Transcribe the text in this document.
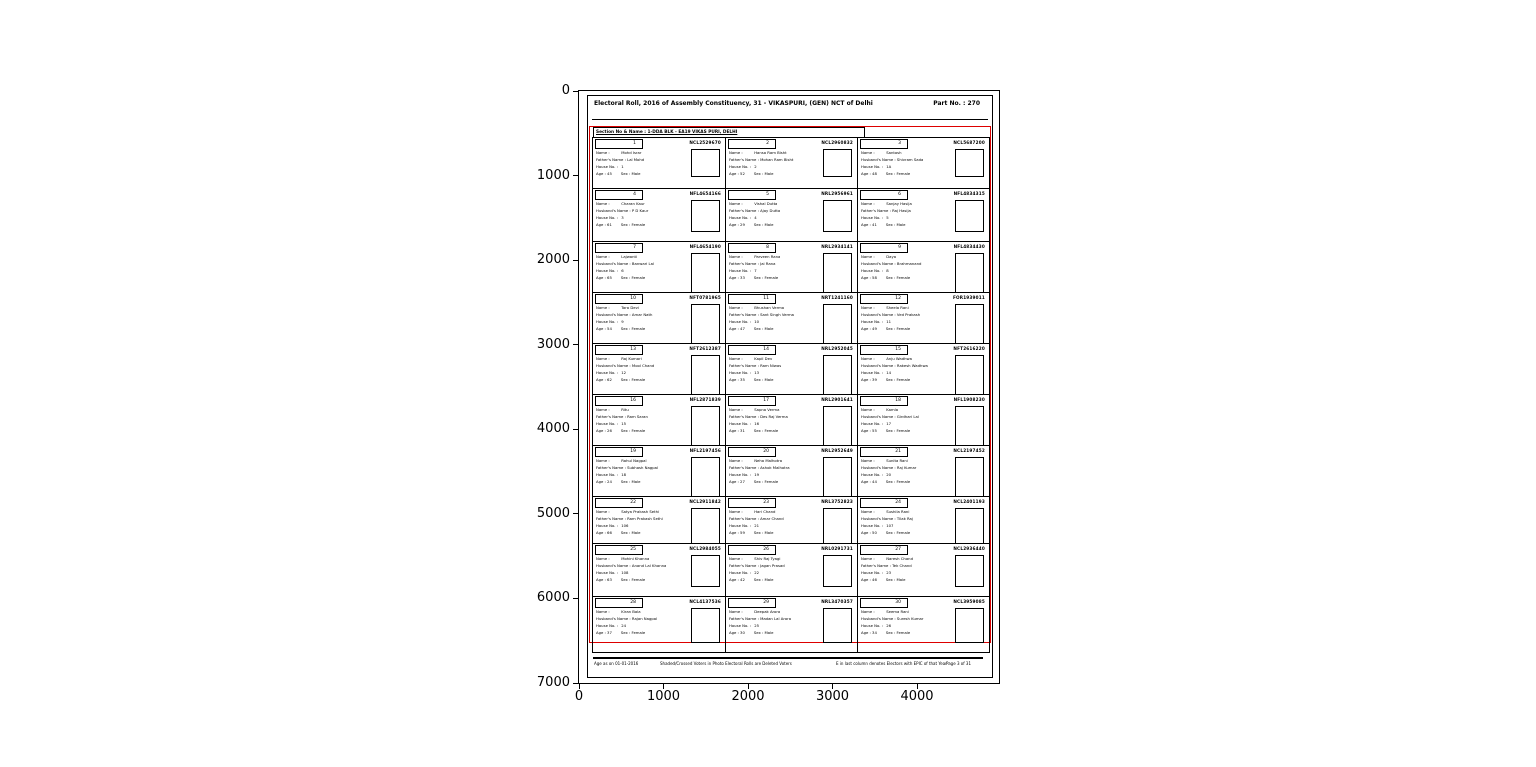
Electoral Roll, 2016 of Assembly Constituency, 31 - VIKASPURI, (GEN) NCT of Delhi	Part No. : 270
Section No & Name : 1-DDA BLK - EA19 VIKAS PURI, DELHI
1	NCL2529670
Name :	Mohd Israr
Father's Name : Lal Mohd
House No. : 1
Age : 45 Sex : Male
2	NCL2960832
Name :	Hansa Ram Bisht
Father's Name : Mohan Ram Bisht
House No. : 2
Age : 52 Sex : Male
3	NCL5687200
Name :	Santosh
Husband's Name : Shivram Sada
House No. : 1A
Age : 48 Sex : Female
4	NFL4654166
Name :	Charan Kaur
Husband's Name : P D Kaur
House No. : 3
Age : 61 Sex : Female
5	NRL2956961
Name :	Vishal Dutta
Father's Name : Ajay Dutta
House No. : 4
Age : 29 Sex : Male
6	NFL4834315
Name :	Sanjay Hasija
Father's Name : Raj Hasija
House No. : 5
Age : 41 Sex : Male
7	NFL4654190
Name :	Lajwanti
Husband's Name : Banwari Lal
House No. : 6
Age : 65 Sex : Female
8	NRL2934141
Name :	Parveen Rana
Father's Name : Jai Rana
House No. : 7
Age : 33 Sex : Female
9	NFL4834430
Name :	Daya
Husband's Name : Brahmanand
House No. : 8
Age : 58 Sex : Female
10	NFT0781965
Name :	Tara Devi
Husband's Name : Amar Nath
House No. : 9
Age : 54 Sex : Female
11	NRT1241160
Name :	Bhushan Verma
Father's Name : Sant Singh Verma
House No. : 10
Age : 47 Sex : Male
12	FOR1939011
Name :	Sheela Rani
Husband's Name : Ved Prakash
House No. : 11
Age : 49 Sex : Female
13	NFT2612387
Name :	Raj Kumari
Husband's Name : Mool Chand
House No. : 12
Age : 62 Sex : Female
14	NRL2952045
Name :	Kapil Dev
Father's Name : Ram Niwas
House No. : 13
Age : 35 Sex : Male
15	NFT2616220
Name :	Anju Wadhwa
Husband's Name : Rakesh Wadhwa
House No. : 14
Age : 39 Sex : Female
16	NFL2871839
Name :	Ritu
Father's Name : Ram Saran
House No. : 15
Age : 26 Sex : Female
17	NRL2901641
Name :	Sapna Verma
Father's Name : Des Raj Verma
House No. : 16
Age : 31 Sex : Female
18	NFL1908230
Name :	Kamla
Husband's Name : Girdhari Lal
House No. : 17
Age : 55 Sex : Female
19	NFL2197456
Name :	Rahul Nagpal
Father's Name : Subhash Nagpal
House No. : 18
Age : 24 Sex : Male
20	NRL2952649
Name :	Neha Malhotra
Father's Name : Ashok Malhotra
House No. : 19
Age : 27 Sex : Female
21	NCL2197452
Name :	Sunita Rani
Husband's Name : Raj Kumar
House No. : 20
Age : 44 Sex : Female
22	NCL2911842
Name :	Satya Prakash Sethi
Father's Name : Ram Prakash Sethi
House No. : 106
Age : 66 Sex : Male
23	NRL3752823
Name :	Hari Chand
Father's Name : Amar Chand
House No. : 21
Age : 59 Sex : Male
24	NCL2401193
Name :	Sushila Rani
Husband's Name : Tilak Raj
House No. : 107
Age : 50 Sex : Female
25	NCL2984055
Name :	Mohini Khanna
Husband's Name : Anand Lal Khanna
House No. : 108
Age : 63 Sex : Female
26	NRL0291731
Name :	Shiv Raj Tyagi
Father's Name : Jagan Prasad
House No. : 22
Age : 42 Sex : Male
27	NCL2936440
Name :	Naresh Chand
Father's Name : Tek Chand
House No. : 23
Age : 46 Sex : Male
28	NCL4137536
Name :	Kiran Bala
Husband's Name : Rajan Nagpal
House No. : 24
Age : 37 Sex : Female
29	NRL3470357
Name :	Deepak Arora
Father's Name : Madan Lal Arora
House No. : 25
Age : 30 Sex : Male
30	NCL3959085
Name :	Seema Rani
Husband's Name : Suresh Kumar
House No. : 26
Age : 34 Sex : Female
Age as on 01-01-2016	Shaded/Crossed Voters in Photo Electoral Rolls are Deleted Voters	E in last column denotes Electors with EPIC of that Year Page 3 of 31
0
1000
2000
3000
4000
5000
6000
7000
0	1000	2000	3000	4000
